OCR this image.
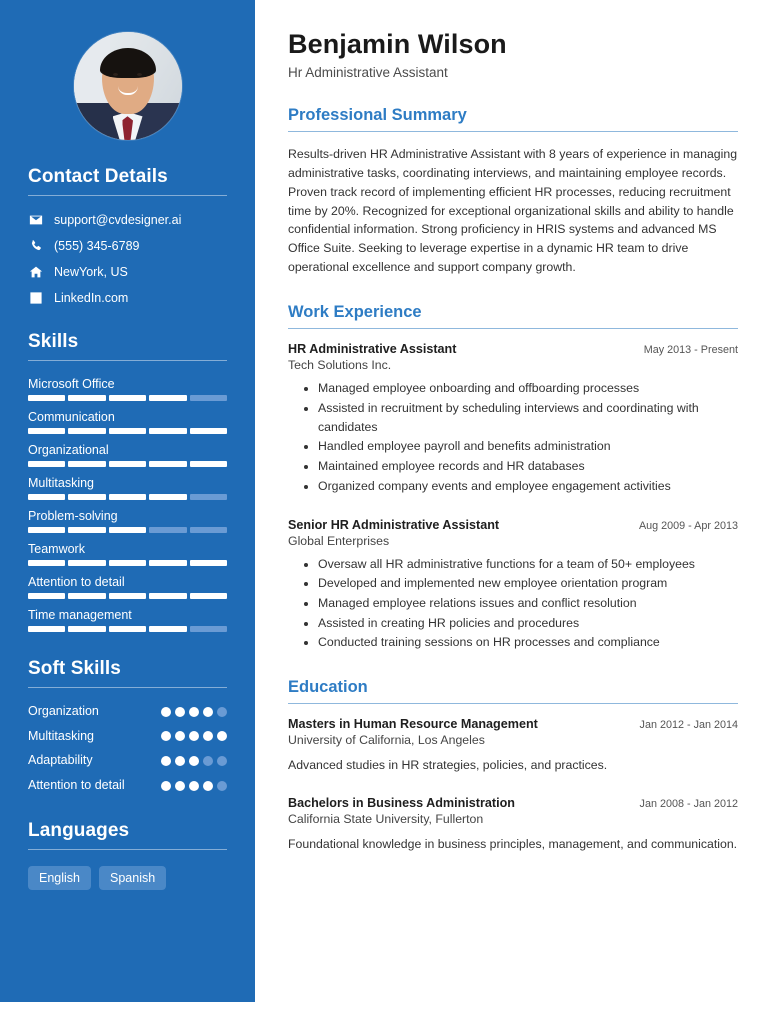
Contact Details
support@cvdesigner.ai
(555) 345-6789
NewYork, US
LinkedIn.com
Skills
Microsoft Office
Communication
Organizational
Multitasking
Problem-solving
Teamwork
Attention to detail
Time management
Soft Skills
Organization
Multitasking
Adaptability
Attention to detail
Languages
English	Spanish
Benjamin Wilson
Hr Administrative Assistant
Professional Summary

Results-driven HR Administrative Assistant with 8 years of experience in managing administrative tasks, coordinating interviews, and maintaining employee records. Proven track record of implementing efficient HR processes, reducing recruitment time by 20%. Recognized for exceptional organizational skills and ability to handle confidential information. Strong proficiency in HRIS systems and advanced MS Office Suite. Seeking to leverage expertise in a dynamic HR team to drive operational excellence and support company growth.

Work Experience
HR Administrative Assistant	May 2013 - Present
Tech Solutions Inc.
• Managed employee onboarding and offboarding processes
• Assisted in recruitment by scheduling interviews and coordinating with candidates
• Handled employee payroll and benefits administration
• Maintained employee records and HR databases
• Organized company events and employee engagement activities
Senior HR Administrative Assistant	Aug 2009 - Apr 2013
Global Enterprises
• Oversaw all HR administrative functions for a team of 50+ employees
• Developed and implemented new employee orientation program
• Managed employee relations issues and conflict resolution
• Assisted in creating HR policies and procedures
• Conducted training sessions on HR processes and compliance
Education
Masters in Human Resource Management	Jan 2012 - Jan 2014
University of California, Los Angeles
Advanced studies in HR strategies, policies, and practices.
Bachelors in Business Administration	Jan 2008 - Jan 2012
California State University, Fullerton
Foundational knowledge in business principles, management, and communication.
